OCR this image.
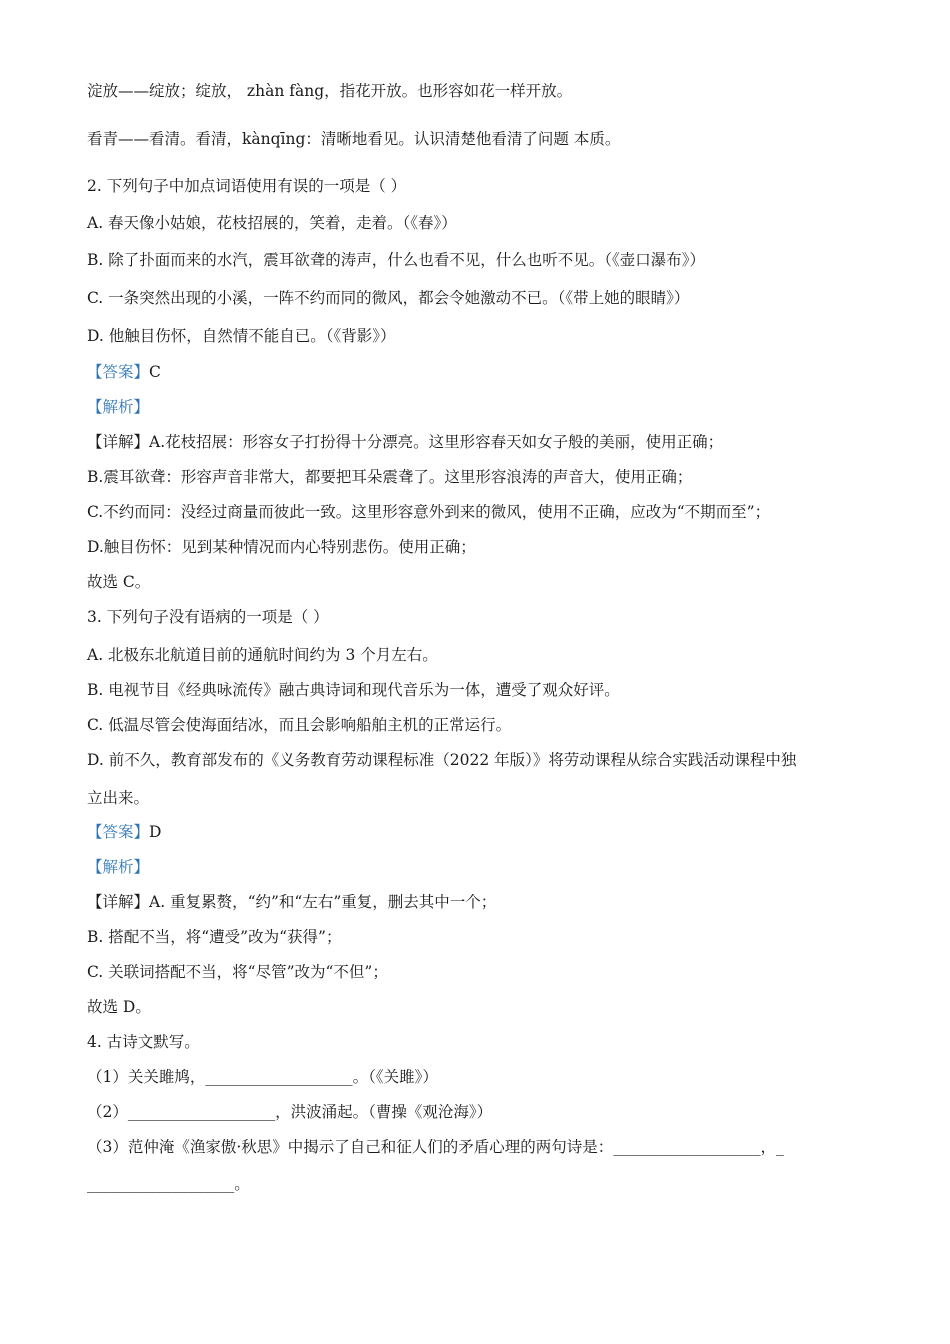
淀放——绽放；绽放， zhàn fàng，指花开放。也形容如花一样开放。
看青——看清。看清，kànqīng：清晰地看见。认识清楚他看清了问题 本质。
2. 下列句子中加点词语使用有误的一项是（ ）
A. 春天像小姑娘，花枝招展的，笑着，走着。（《春》）
B. 除了扑面而来的水汽，震耳欲聋的涛声，什么也看不见，什么也听不见。（《壶口瀑布》）
C. 一条突然出现的小溪，一阵不约而同的微风，都会令她激动不已。（《带上她的眼睛》）
D. 他触目伤怀，自然情不能自已。（《背影》）
【答案】C
【解析】
【详解】A.花枝招展：形容女子打扮得十分漂亮。这里形容春天如女子般的美丽，使用正确；
B.震耳欲聋：形容声音非常大，都要把耳朵震聋了。这里形容浪涛的声音大，使用正确；
C.不约而同：没经过商量而彼此一致。这里形容意外到来的微风，使用不正确，应改为“不期而至”；
D.触目伤怀：见到某种情况而内心特别悲伤。使用正确；
故选 C。
3. 下列句子没有语病的一项是（ ）
A. 北极东北航道目前的通航时间约为 3 个月左右。
B. 电视节目《经典咏流传》融古典诗词和现代音乐为一体，遭受了观众好评。
C. 低温尽管会使海面结冰，而且会影响船舶主机的正常运行。
D. 前不久，教育部发布的《义务教育劳动课程标准（2022 年版）》将劳动课程从综合实践活动课程中独
立出来。
【答案】D
【解析】
【详解】A. 重复累赘，“约”和“左右”重复，删去其中一个；
B. 搭配不当，将“遭受”改为“获得”；
C. 关联词搭配不当，将“尽管”改为“不但”；
故选 D。
4. 古诗文默写。
（1）关关雎鸠，___________________。（《关雎》）
（2）___________________，洪波涌起。（曹操《观沧海》）
（3）范仲淹《渔家傲·秋思》中揭示了自己和征人们的矛盾心理的两句诗是：___________________，_
___________________。
